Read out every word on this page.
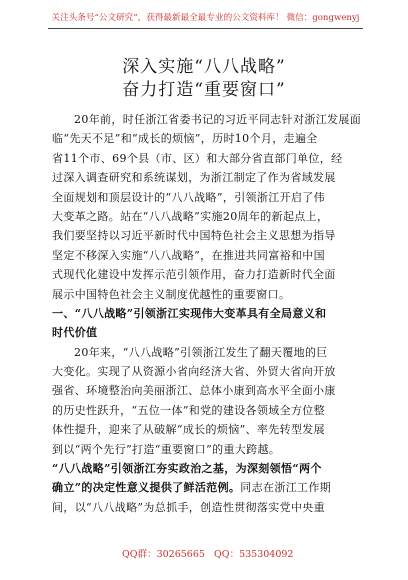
关注头条号“公文研究”，获得最新最全最专业的公文资料库！ 微信：gongwenyj
深入实施“八八战略”
奋力打造“重要窗口”
20年前，时任浙江省委书记的习近平同志针对浙江发展面
临“先天不足”和“成长的烦恼”，历时10个月，走遍全
省11个市、69个县（市、区）和大部分省直部门单位，经
过深入调查研究和系统谋划，为浙江制定了作为省域发展
全面规划和顶层设计的“八八战略”，引领浙江开启了伟
大变革之路。站在“八八战略”实施20周年的新起点上，
我们要坚持以习近平新时代中国特色社会主义思想为指导
坚定不移深入实施“八八战略”，在推进共同富裕和中国
式现代化建设中发挥示范引领作用，奋力打造新时代全面
展示中国特色社会主义制度优越性的重要窗口。
一、“八八战略”引领浙江实现伟大变革具有全局意义和
时代价值
20年来，“八八战略”引领浙江发生了翻天覆地的巨
大变化。实现了从资源小省向经济大省、外贸大省向开放
强省、环境整治向美丽浙江、总体小康到高水平全面小康
的历史性跃升，“五位一体”和党的建设各领域全方位整
体性提升，迎来了从破解“成长的烦恼”、率先转型发展
到以“两个先行”打造“重要窗口”的重大跨越。
“八八战略”引领浙江夯实政治之基，为深刻领悟“两个
确立”的决定性意义提供了鲜活范例。同志在浙江工作期
间，以“八八战略”为总抓手，创造性贯彻落实党中央重
QQ群：30265665 QQ：535304092
